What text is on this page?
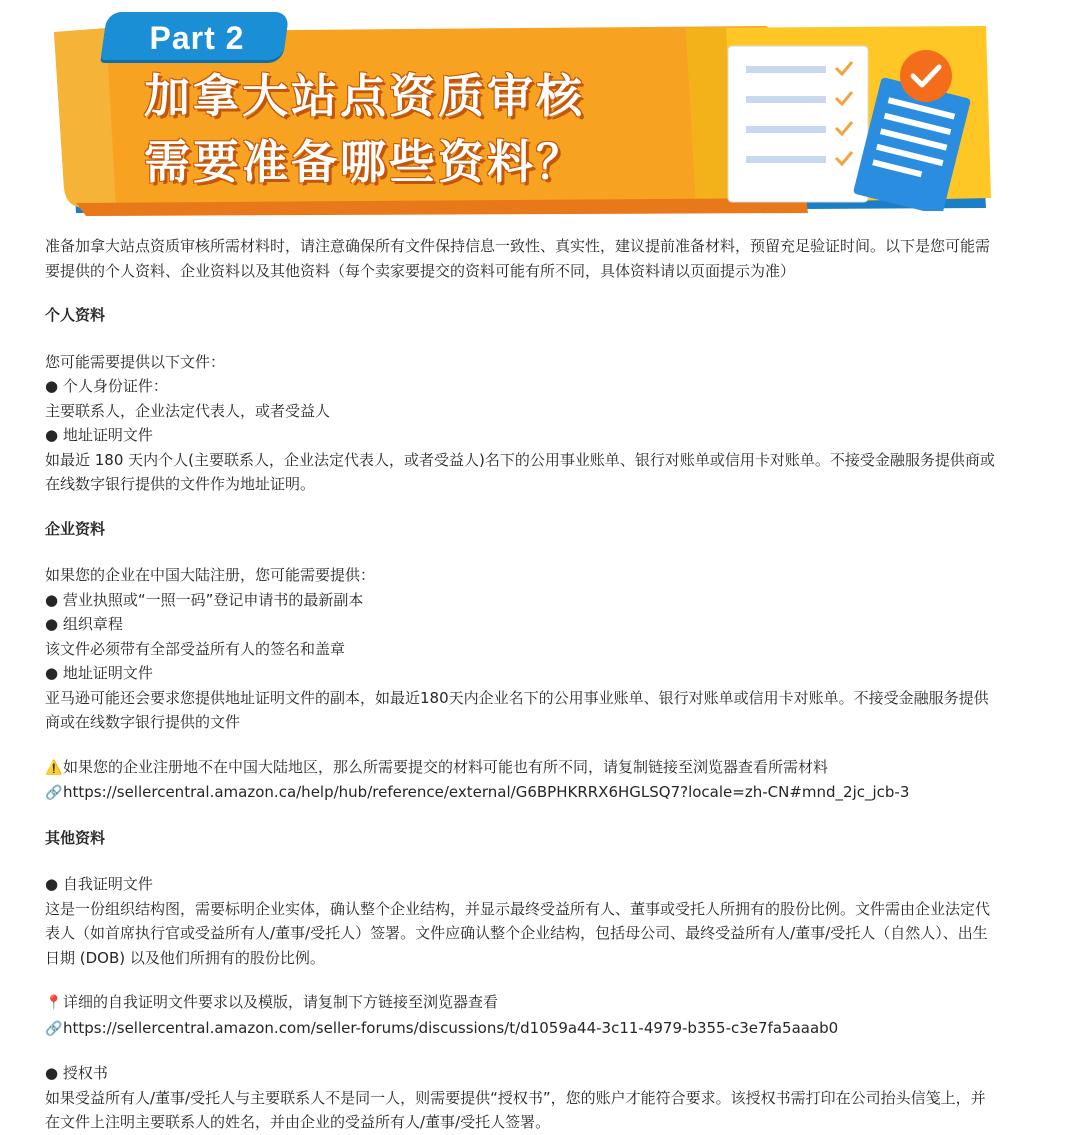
Part 2
加拿大站点资质审核
需要准备哪些资料？

准备加拿大站点资质审核所需材料时，请注意确保所有文件保持信息一致性、真实性，建议提前准备材料，预留充足验证时间。以下是您可能需要提供的个人资料、企业资料以及其他资料（每个卖家要提交的资料可能有所不同，具体资料请以页面提示为准）

个人资料

您可能需要提供以下文件：

● 个人身份证件：

主要联系人，企业法定代表人，或者受益人

● 地址证明文件

如最近 180 天内个人(主要联系人，企业法定代表人，或者受益人)名下的公用事业账单、银行对账单或信用卡对账单。不接受金融服务提供商或在线数字银行提供的文件作为地址证明。

企业资料

如果您的企业在中国大陆注册，您可能需要提供：

● 营业执照或“一照一码”登记申请书的最新副本

● 组织章程

该文件必须带有全部受益所有人的签名和盖章

● 地址证明文件

亚马逊可能还会要求您提供地址证明文件的副本，如最近180天内企业名下的公用事业账单、银行对账单或信用卡对账单。不接受金融服务提供商或在线数字银行提供的文件

⚠️如果您的企业注册地不在中国大陆地区，那么所需要提交的材料可能也有所不同，请复制链接至浏览器查看所需材料

🔗https://sellercentral.amazon.ca/help/hub/reference/external/G6BPHKRRX6HGLSQ7?locale=zh-CN#mnd_2jc_jcb-3

其他资料

● 自我证明文件

这是一份组织结构图，需要标明企业实体，确认整个企业结构，并显示最终受益所有人、董事或受托人所拥有的股份比例。文件需由企业法定代表人（如首席执行官或受益所有人/董事/受托人）签署。文件应确认整个企业结构，包括母公司、最终受益所有人/董事/受托人（自然人）、出生日期 (DOB) 以及他们所拥有的股份比例。

📍详细的自我证明文件要求以及模版，请复制下方链接至浏览器查看

🔗https://sellercentral.amazon.com/seller-forums/discussions/t/d1059a44-3c11-4979-b355-c3e7fa5aaab0

● 授权书

如果受益所有人/董事/受托人与主要联系人不是同一人，则需要提供“授权书”，您的账户才能符合要求。该授权书需打印在公司抬头信笺上，并在文件上注明主要联系人的姓名，并由企业的受益所有人/董事/受托人签署。
